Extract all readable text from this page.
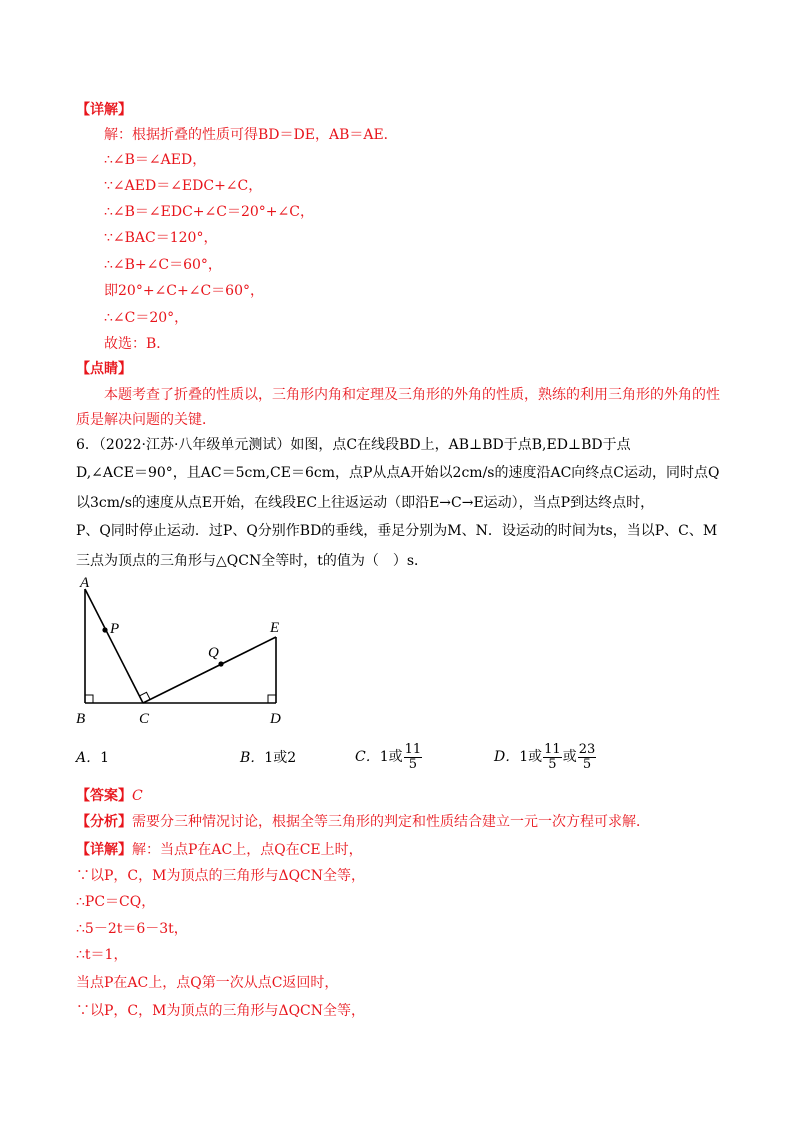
【详解】
解：根据折叠的性质可得BD＝DE，AB＝AE．
∴∠B＝∠AED，
∵∠AED＝∠EDC+∠C，
∴∠B＝∠EDC+∠C＝20°+∠C，
∵∠BAC＝120°，
∴∠B+∠C＝60°，
即20°+∠C+∠C＝60°，
∴∠C＝20°，
故选：B．
【点睛】
本题考查了折叠的性质以，三角形内角和定理及三角形的外角的性质，熟练的利用三角形的外角的性
质是解决问题的关键．
6．（2022·江苏·八年级单元测试）如图，点C在线段BD上，AB⊥BD于点B,ED⊥BD于点
D,∠ACE＝90°，且AC＝5cm,CE＝6cm，点P从点A开始以2cm/s的速度沿AC向终点C运动，同时点Q
以3cm/s的速度从点E开始，在线段EC上往返运动（即沿E→C→E运动），当点P到达终点时，
P、Q同时停止运动．过P、Q分别作BD的垂线，垂足分别为M、N．设运动的时间为ts，当以P、C、M
三点为顶点的三角形与△QCN全等时，t的值为（　）s．
A
P
Q
E
B	C	D
A．1	B．1或2	C．1或 $\frac{11}{5}$	D．1或 $\frac{11}{5}$ 或 $\frac{23}{5}$
【答案】C
【分析】需要分三种情况讨论，根据全等三角形的判定和性质结合建立一元一次方程可求解．
【详解】解：当点P在AC上，点Q在CE上时，
∵以P，C，M为顶点的三角形与ΔQCN全等，
∴PC＝CQ，
∴5－2t＝6－3t，
∴t＝1，
当点P在AC上，点Q第一次从点C返回时，
∵以P，C，M为顶点的三角形与ΔQCN全等，
